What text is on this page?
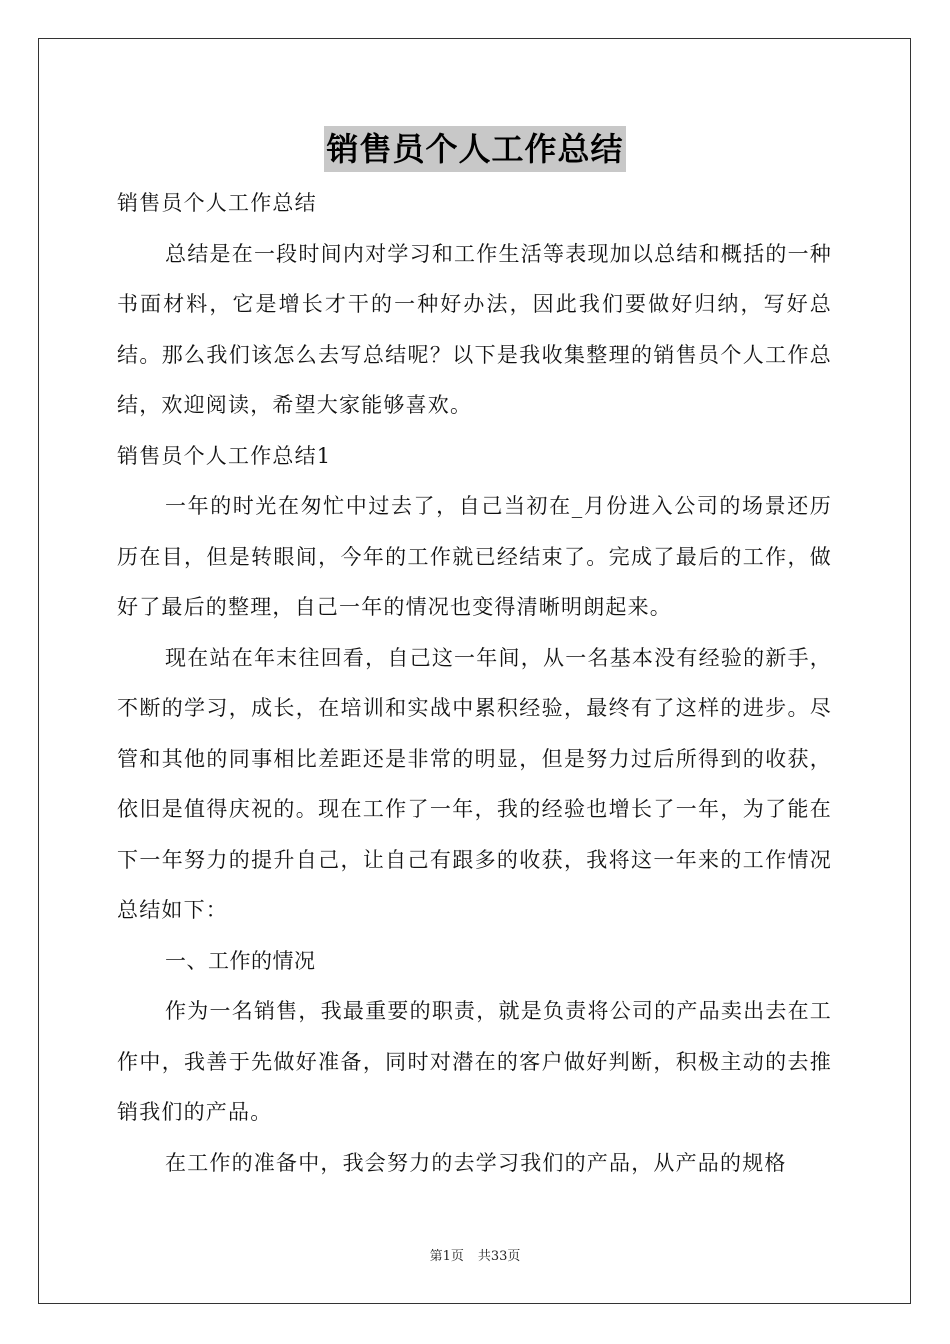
销售员个人工作总结

销售员个人工作总结

总结是在一段时间内对学习和工作生活等表现加以总结和概括的一种书面材料，它是增长才干的一种好办法，因此我们要做好归纳，写好总结。那么我们该怎么去写总结呢？以下是我收集整理的销售员个人工作总结，欢迎阅读，希望大家能够喜欢。

销售员个人工作总结1

一年的时光在匆忙中过去了，自己当初在_月份进入公司的场景还历历在目，但是转眼间，今年的工作就已经结束了。完成了最后的工作，做好了最后的整理，自己一年的情况也变得清晰明朗起来。

现在站在年末往回看，自己这一年间，从一名基本没有经验的新手，不断的学习，成长，在培训和实战中累积经验，最终有了这样的进步。尽管和其他的同事相比差距还是非常的明显，但是努力过后所得到的收获，依旧是值得庆祝的。现在工作了一年，我的经验也增长了一年，为了能在下一年努力的提升自己，让自己有跟多的收获，我将这一年来的工作情况总结如下：

一、工作的情况

作为一名销售，我最重要的职责，就是负责将公司的产品卖出去在工作中，我善于先做好准备，同时对潜在的客户做好判断，积极主动的去推销我们的产品。

在工作的准备中，我会努力的去学习我们的产品，从产品的规格

第1页 共33页
